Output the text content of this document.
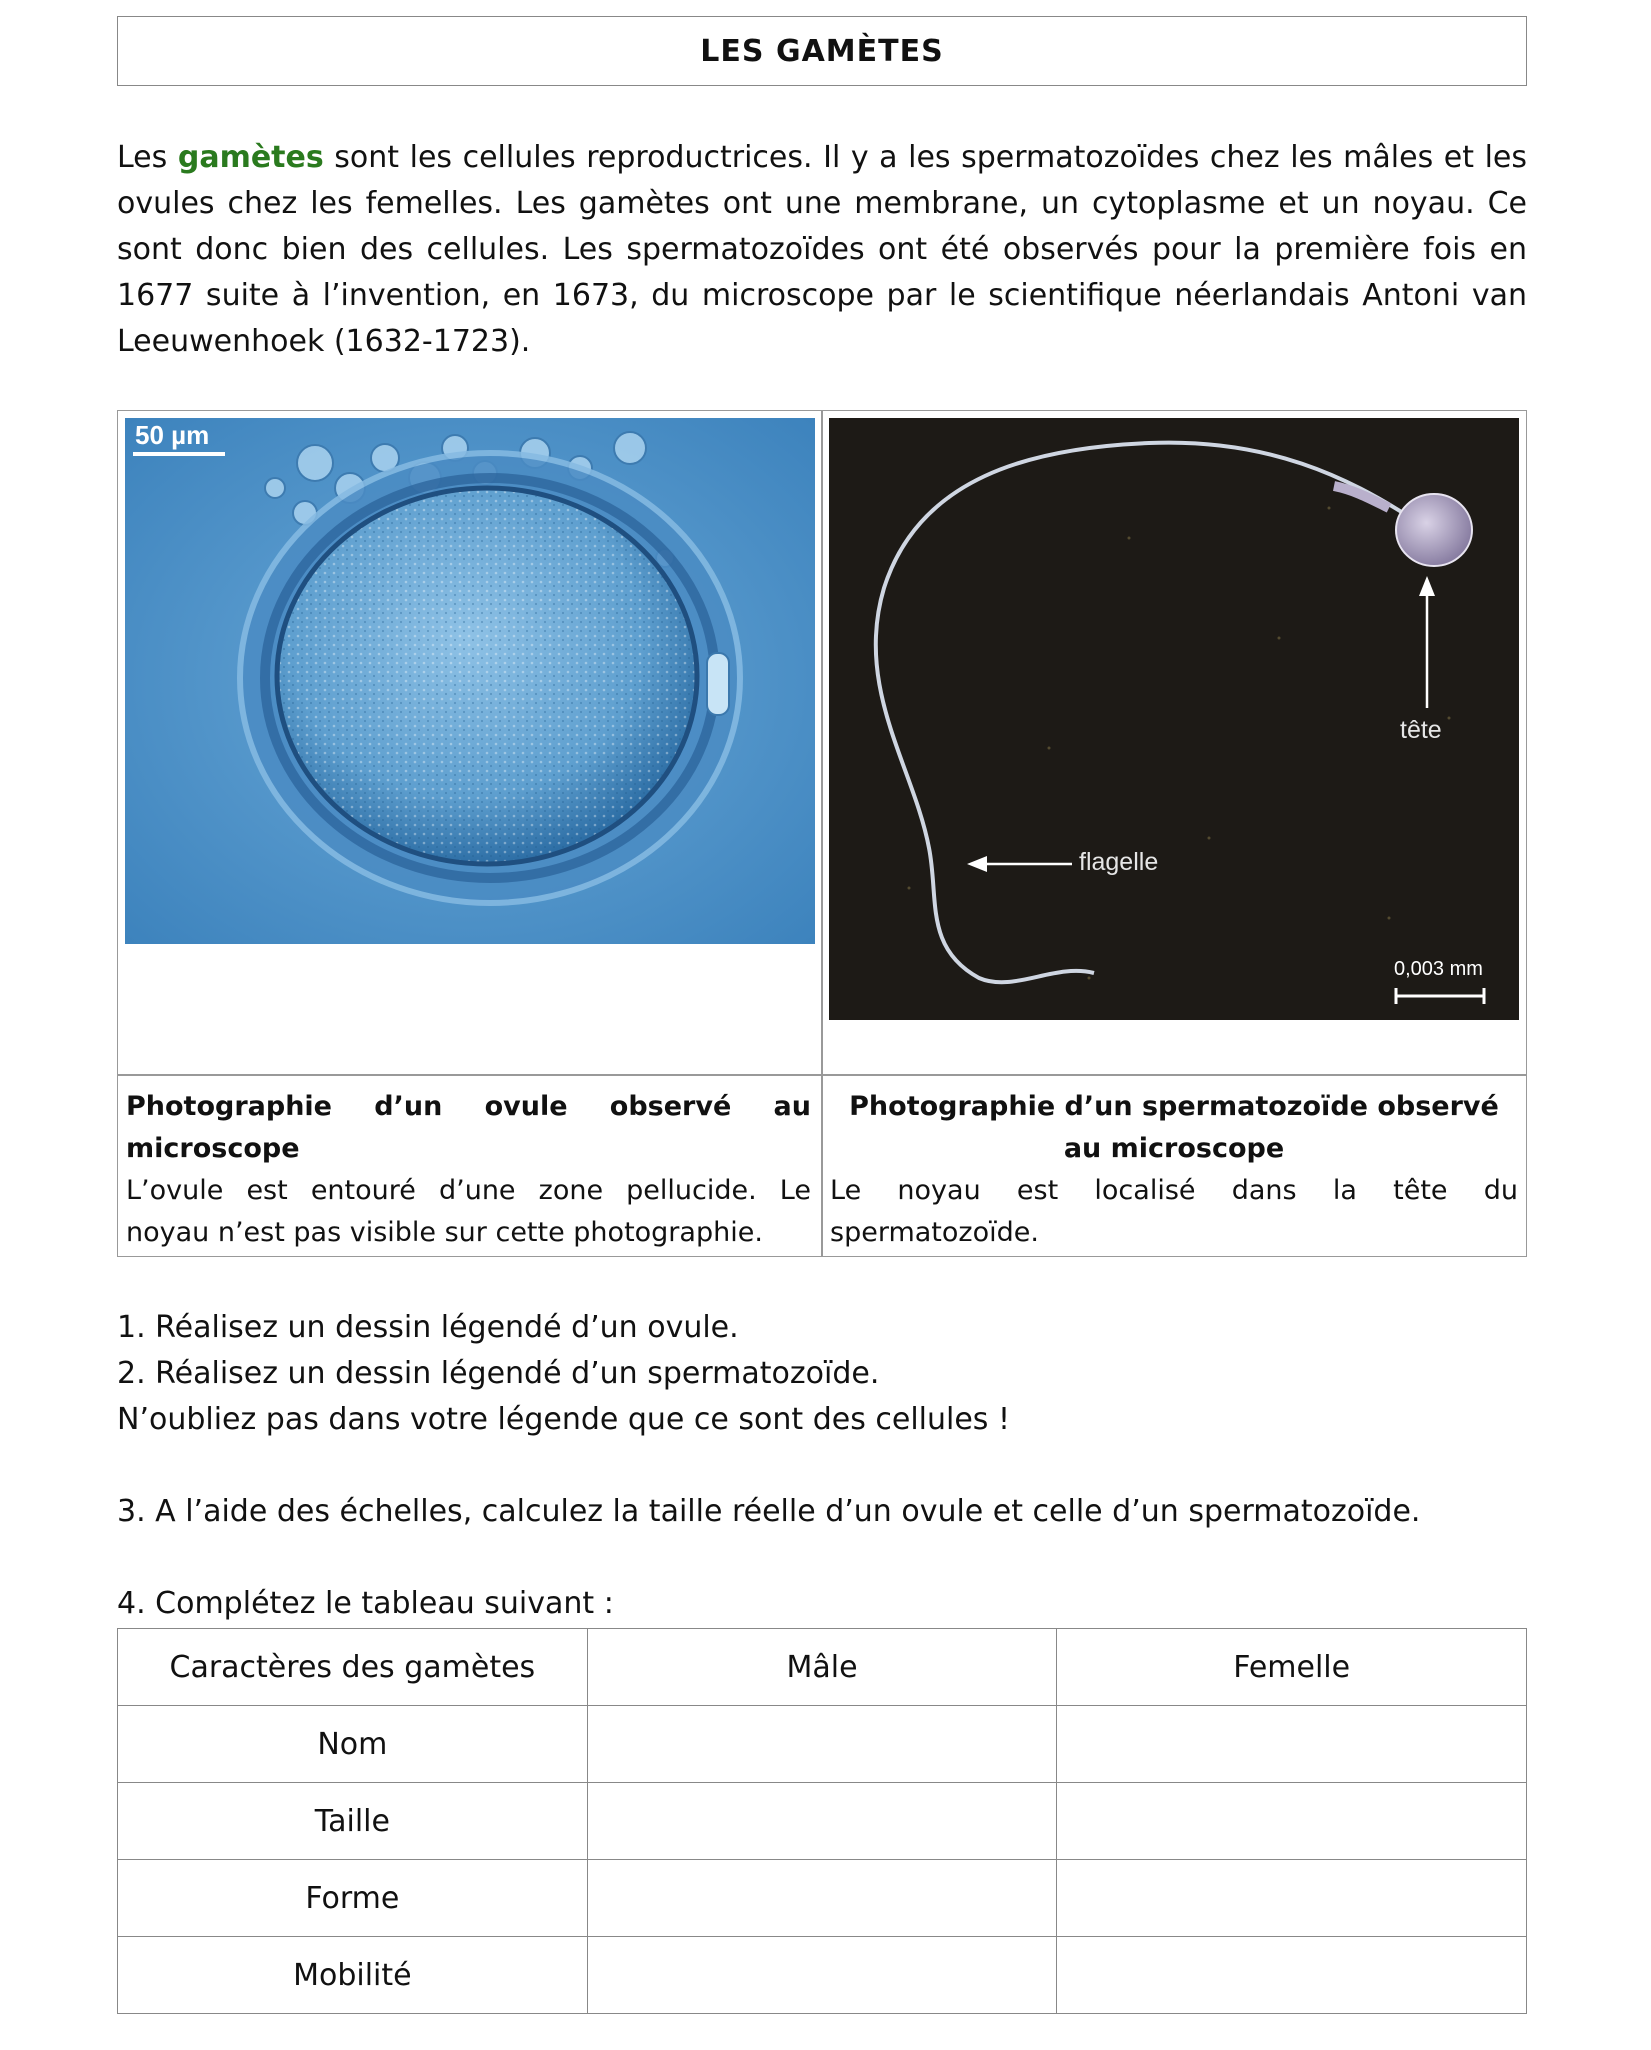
LES GAMÈTES
Les gamètes sont les cellules reproductrices. Il y a les spermatozoïdes chez les mâles et les ovules chez les femelles. Les gamètes ont une membrane, un cytoplasme et un noyau. Ce sont donc bien des cellules. Les spermatozoïdes ont été observés pour la première fois en 1677 suite à l’invention, en 1673, du microscope par le scientifique néerlandais Antoni van Leeuwenhoek (1632-1723).
50 µm
tête
flagelle
0,003 mm
Photographie d’un ovule observé au microscope
L’ovule est entouré d’une zone pellucide. Le noyau n’est pas visible sur cette photographie.
Photographie d’un spermatozoïde observé au microscope
Le noyau est localisé dans la tête du spermatozoïde.

1. Réalisez un dessin légendé d’un ovule.

2. Réalisez un dessin légendé d’un spermatozoïde.

N’oubliez pas dans votre légende que ce sont des cellules !

3. A l’aide des échelles, calculez la taille réelle d’un ovule et celle d’un spermatozoïde.

4. Complétez le tableau suivant :

Caractères des gamètes	Mâle	Femelle
Nom		
Taille		
Forme		
Mobilité		
